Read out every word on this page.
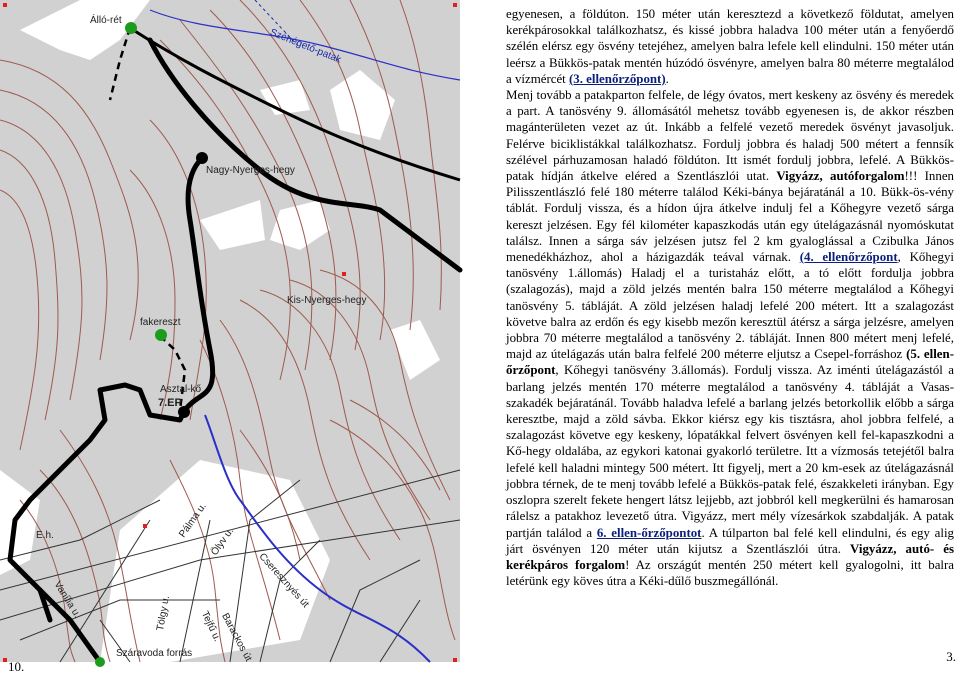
Álló-rét
Szénégető-patak
Nagy-Nyerges-hegy
Kis-Nyerges-hegy
fakereszt
Asztal-kő
7.EP
E.h.	Pálma u.
Ölyv u.
Cseresznyés út
Vanília u.	Tölgy u.	Tejfű u.
Barackos út
Száravoda forrás

egyenesen, a földúton. 150 méter után keresztezd a következő földutat, amelyen kerékpárosokkal találkozhatsz, és kissé jobbra haladva 100 méter után a fenyőerdő szélén elérsz egy ösvény tetejéhez, amelyen balra lefele kell elindulni. 150 méter után leérsz a Bükkös-patak mentén húzódó ösvényre, amelyen balra 80 méterre megtalálod a vízmércét (3. ellenőrzőpont).

Menj tovább a patakparton felfele, de légy óvatos, mert keskeny az ösvény és meredek a part. A tanösvény 9. állomásától mehetsz tovább egyenesen is, de akkor részben magánterületen vezet az út. Inkább a felfelé vezető meredek ösvényt javasoljuk. Felérve biciklistákkal találkozhatsz. Fordulj jobbra és haladj 500 métert a fennsík szélével párhuzamosan haladó földúton. Itt ismét fordulj jobbra, lefelé. A Bükkös-patak hídján átkelve eléred a Szentlászlói utat. Vigyázz, autóforgalom!!! Innen Pilisszentlászló felé 180 méterre találod Kéki-bánya bejáratánál a 10. Bükk-ös-vény táblát. Fordulj vissza, és a hídon újra átkelve indulj fel a Kőhegyre vezető sárga kereszt jelzésen. Egy fél kilométer kapaszkodás után egy útelágazásnál nyomóskutat találsz. Innen a sárga sáv jelzésen jutsz fel 2 km gyaloglással a Czibulka János menedékházhoz, ahol a házigazdák teával várnak. (4. ellenőrzőpont, Kőhegyi tanösvény 1.állomás) Haladj el a turistaház előtt, a tó előtt fordulja jobbra (szalagozás), majd a zöld jelzés mentén balra 150 méterre megtalálod a Kőhegyi tanösvény 5. tábláját. A zöld jelzésen haladj lefelé 200 métert. Itt a szalagozást követve balra az erdőn és egy kisebb mezőn keresztül átérsz a sárga jelzésre, amelyen jobbra 70 méterre megtalálod a tanösvény 2. tábláját. Innen 800 métert menj lefelé, majd az útelágazás után balra felfelé 200 méterre eljutsz a Csepel-forráshoz (5. ellen-őrzőpont, Kőhegyi tanösvény 3.állomás). Fordulj vissza. Az iménti útelágazástól a barlang jelzés mentén 170 méterre megtalálod a tanösvény 4. tábláját a Vasas-szakadék bejáratánál. Tovább haladva lefelé a barlang jelzés betorkollik előbb a sárga keresztbe, majd a zöld sávba. Ekkor kiérsz egy kis tisztásra, ahol jobbra felfelé, a szalagozást követve egy keskeny, lópatákkal felvert ösvényen kell fel-kapaszkodni a Kő-hegy oldalába, az egykori katonai gyakorló területre. Itt a vízmosás tetejétől balra lefelé kell haladni mintegy 500 métert. Itt figyelj, mert a 20 km-esek az útelágazásnál jobbra térnek, de te menj tovább lefelé a Bükkös-patak felé, északkeleti irányban. Egy oszlopra szerelt fekete hengert látsz lejjebb, azt jobbról kell megkerülni és hamarosan rálelsz a patakhoz levezető útra. Vigyázz, mert mély vízesárkok szabdalják. A patak partján találod a 6. ellen-őrzőpontot. A túlparton bal felé kell elindulni, és egy alig járt ösvényen 120 méter után kijutsz a Szentlászlói útra. Vigyázz, autó- és kerékpáros forgalom! Az országút mentén 250 métert kell gyalogolni, itt balra letérünk egy köves útra a Kéki-dűlő buszmegállónál.

10.
3.
